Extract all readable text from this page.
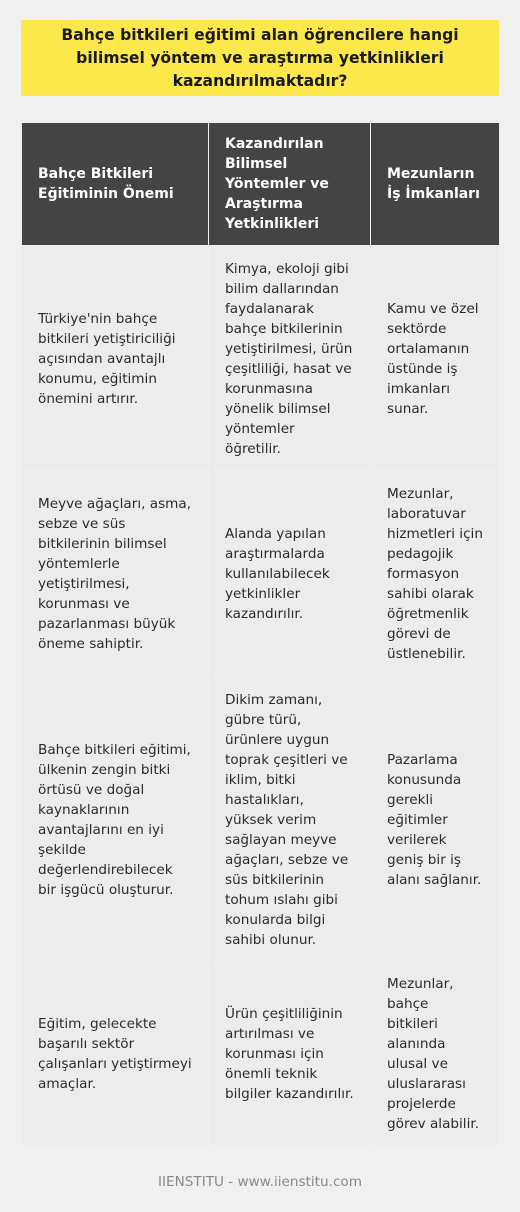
Bahçe bitkileri eğitimi alan öğrencilere hangi bilimsel yöntem ve araştırma yetkinlikleri kazandırılmaktadır?
Bahçe Bitkileri Eğitiminin Önemi	Kazandırılan Bilimsel Yöntemler ve Araştırma Yetkinlikleri	Mezunların İş İmkanları
Türkiye'nin bahçe bitkileri yetiştiriciliği açısından avantajlı konumu, eğitimin önemini artırır.	Kimya, ekoloji gibi bilim dallarından faydalanarak bahçe bitkilerinin yetiştirilmesi, ürün çeşitliliği, hasat ve korunmasına yönelik bilimsel yöntemler öğretilir.	Kamu ve özel sektörde ortalamanın üstünde iş imkanları sunar.
Meyve ağaçları, asma, sebze ve süs bitkilerinin bilimsel yöntemlerle yetiştirilmesi, korunması ve pazarlanması büyük öneme sahiptir.	Alanda yapılan araştırmalarda kullanılabilecek yetkinlikler kazandırılır.	Mezunlar, laboratuvar hizmetleri için pedagojik formasyon sahibi olarak öğretmenlik görevi de üstlenebilir.
Bahçe bitkileri eğitimi, ülkenin zengin bitki örtüsü ve doğal kaynaklarının avantajlarını en iyi şekilde değerlendirebilecek bir işgücü oluşturur.	Dikim zamanı, gübre türü, ürünlere uygun toprak çeşitleri ve iklim, bitki hastalıkları, yüksek verim sağlayan meyve ağaçları, sebze ve süs bitkilerinin tohum ıslahı gibi konularda bilgi sahibi olunur.	Pazarlama konusunda gerekli eğitimler verilerek geniş bir iş alanı sağlanır.
Eğitim, gelecekte başarılı sektör çalışanları yetiştirmeyi amaçlar.	Ürün çeşitliliğinin artırılması ve korunması için önemli teknik bilgiler kazandırılır.	Mezunlar, bahçe bitkileri alanında ulusal ve uluslararası projelerde görev alabilir.
IIENSTITU - www.iienstitu.com
